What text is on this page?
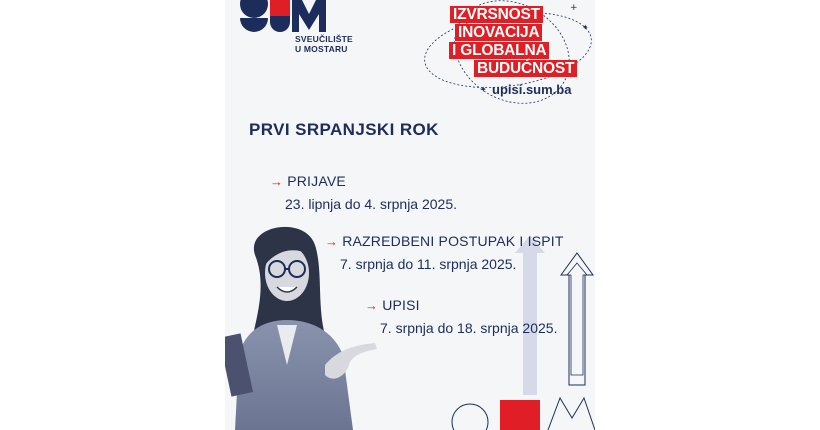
SVEUČILIŠTE
U MOSTARU
+
✦
✦
IZVRSNOST
INOVACIJA
I GLOBALNA
BUDUĆNOST
upisi.sum.ba
PRVI SRPANJSKI ROK
→ PRIJAVE
23. lipnja do 4. srpnja 2025.
→ RAZREDBENI POSTUPAK I ISPIT
7. srpnja do 11. srpnja 2025.
→ UPISI
7. srpnja do 18. srpnja 2025.
